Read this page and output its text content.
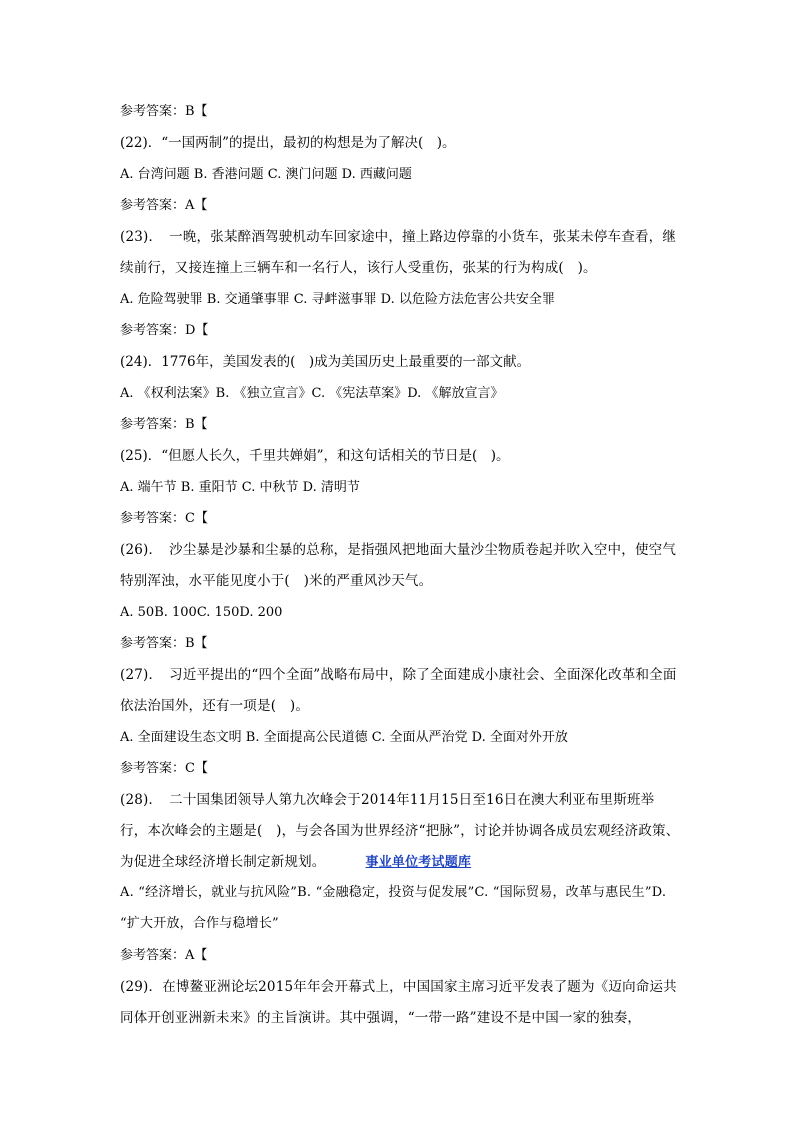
参考答案：B【
(22)．“一国两制”的提出，最初的构想是为了解决(　)。
A. 台湾问题 B. 香港问题 C. 澳门问题 D. 西藏问题
参考答案：A【
(23)．　一晚，张某醉酒驾驶机动车回家途中，撞上路边停靠的小货车，张某未停车查看，继续前行，又接连撞上三辆车和一名行人，该行人受重伤，张某的行为构成(　)。
A. 危险驾驶罪 B. 交通肇事罪 C. 寻衅滋事罪 D. 以危险方法危害公共安全罪
参考答案：D【
(24)．1776年，美国发表的(　)成为美国历史上最重要的一部文献。
A. 《权利法案》B. 《独立宣言》C. 《宪法草案》D. 《解放宣言》
参考答案：B【
(25)．“但愿人长久，千里共婵娟”，和这句话相关的节日是(　)。
A. 端午节 B. 重阳节 C. 中秋节 D. 清明节
参考答案：C【
(26)．　沙尘暴是沙暴和尘暴的总称，是指强风把地面大量沙尘物质卷起并吹入空中，使空气特别浑浊，水平能见度小于(　)米的严重风沙天气。
A. 50B. 100C. 150D. 200
参考答案：B【
(27)．　习近平提出的“四个全面”战略布局中，除了全面建成小康社会、全面深化改革和全面依法治国外，还有一项是(　)。
A. 全面建设生态文明 B. 全面提高公民道德 C. 全面从严治党 D. 全面对外开放
参考答案：C【
(28)．　二十国集团领导人第九次峰会于2014年11月15日至16日在澳大利亚布里斯班举行，本次峰会的主题是(　)，与会各国为世界经济“把脉”，讨论并协调各成员宏观经济政策、为促进全球经济增长制定新规划。	事业单位考试题库
A. “经济增长，就业与抗风险”B. “金融稳定，投资与促发展”C. “国际贸易，改革与惠民生”D. “扩大开放，合作与稳增长”
参考答案：A【
(29)．在博鳌亚洲论坛2015年年会开幕式上，中国国家主席习近平发表了题为《迈向命运共同体开创亚洲新未来》的主旨演讲。其中强调，“一带一路”建设不是中国一家的独奏，
